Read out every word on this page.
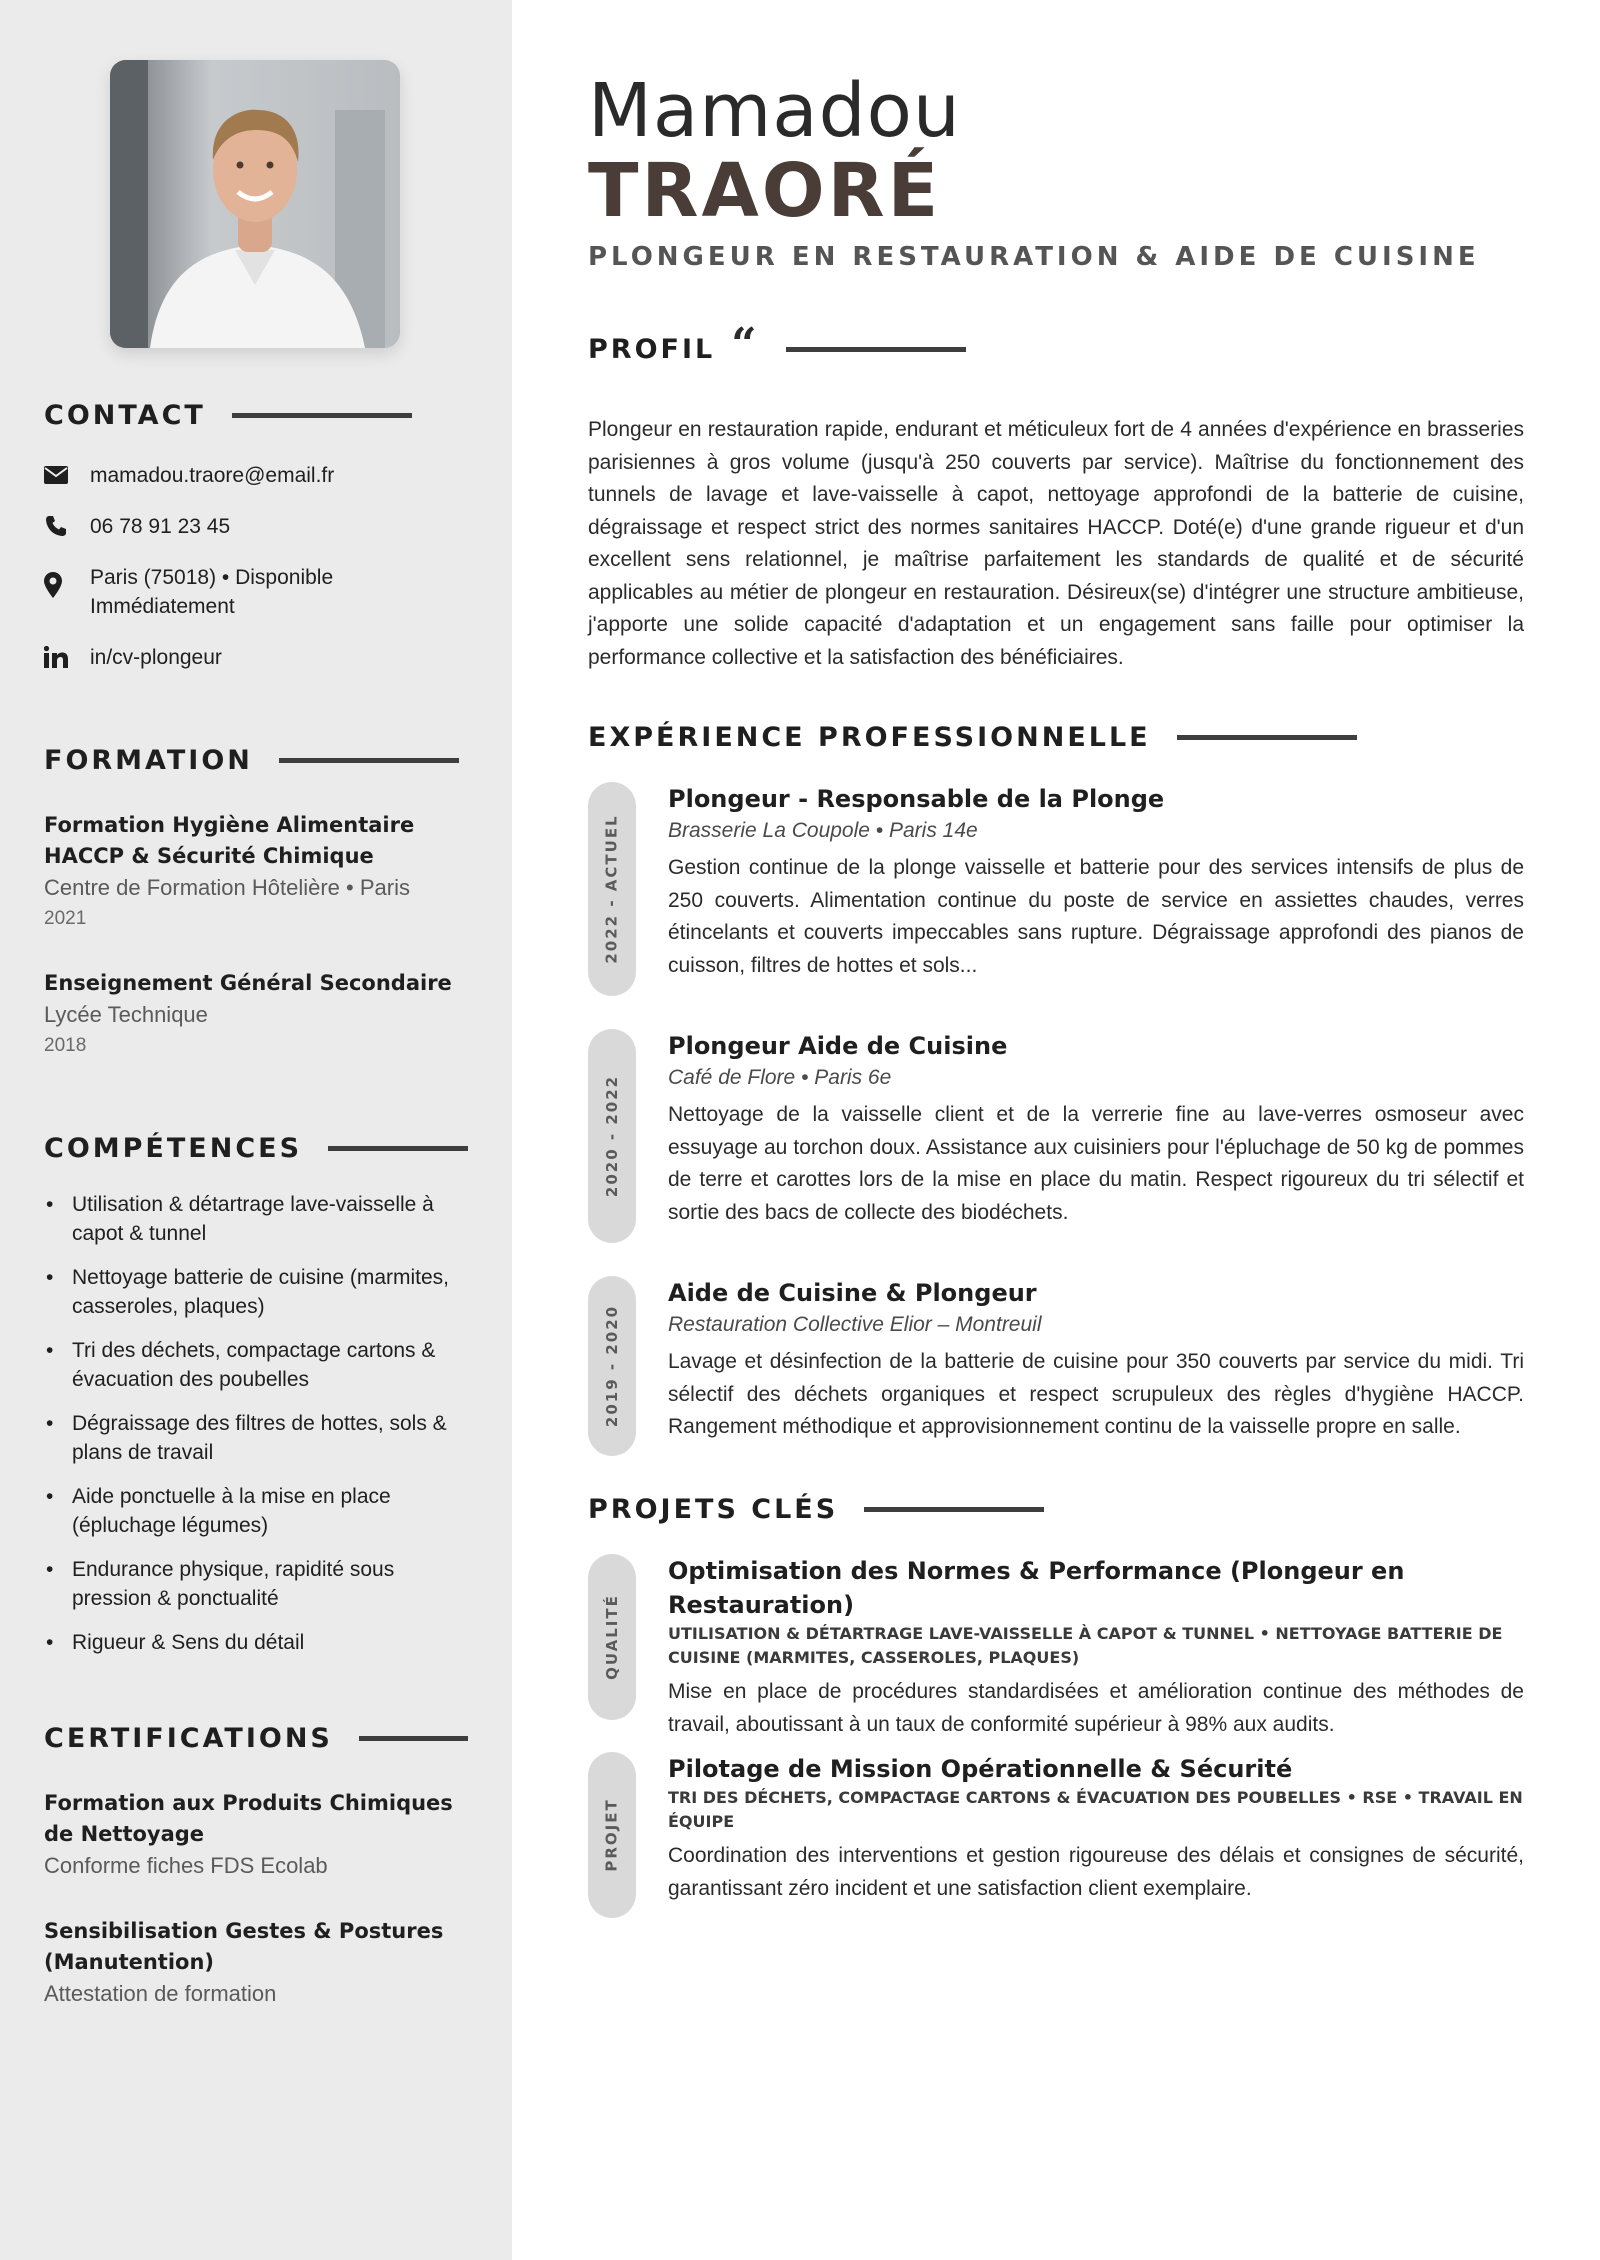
CONTACT
mamadou.traore@email.fr
06 78 91 23 45
Paris (75018) • Disponible Immédiatement
in/cv-plongeur
FORMATION
Formation Hygiène Alimentaire HACCP & Sécurité Chimique
Centre de Formation Hôtelière • Paris
2021
Enseignement Général Secondaire
Lycée Technique
2018
COMPÉTENCES
• Utilisation & détartrage lave-vaisselle à capot & tunnel
• Nettoyage batterie de cuisine (marmites, casseroles, plaques)
• Tri des déchets, compactage cartons & évacuation des poubelles
• Dégraissage des filtres de hottes, sols & plans de travail
• Aide ponctuelle à la mise en place (épluchage légumes)
• Endurance physique, rapidité sous pression & ponctualité
• Rigueur & Sens du détail
CERTIFICATIONS
Formation aux Produits Chimiques de Nettoyage
Conforme fiches FDS Ecolab
Sensibilisation Gestes & Postures (Manutention)
Attestation de formation
Mamadou
TRAORÉ
PLONGEUR EN RESTAURATION & AIDE DE CUISINE
PROFIL “

Plongeur en restauration rapide, endurant et méticuleux fort de 4 années d'expérience en brasseries parisiennes à gros volume (jusqu'à 250 couverts par service). Maîtrise du fonctionnement des tunnels de lavage et lave-vaisselle à capot, nettoyage approfondi de la batterie de cuisine, dégraissage et respect strict des normes sanitaires HACCP. Doté(e) d'une grande rigueur et d'un excellent sens relationnel, je maîtrise parfaitement les standards de qualité et de sécurité applicables au métier de plongeur en restauration. Désireux(se) d'intégrer une structure ambitieuse, j'apporte une solide capacité d'adaptation et un engagement sans faille pour optimiser la performance collective et la satisfaction des bénéficiaires.

EXPÉRIENCE PROFESSIONNELLE
2022 - ACTUEL
Plongeur - Responsable de la Plonge
Brasserie La Coupole • Paris 14e
Gestion continue de la plonge vaisselle et batterie pour des services intensifs de plus de 250 couverts. Alimentation continue du poste de service en assiettes chaudes, verres étincelants et couverts impeccables sans rupture. Dégraissage approfondi des pianos de cuisson, filtres de hottes et sols...
2020 - 2022
Plongeur Aide de Cuisine
Café de Flore • Paris 6e
Nettoyage de la vaisselle client et de la verrerie fine au lave-verres osmoseur avec essuyage au torchon doux. Assistance aux cuisiniers pour l'épluchage de 50 kg de pommes de terre et carottes lors de la mise en place du matin. Respect rigoureux du tri sélectif et sortie des bacs de collecte des biodéchets.
2019 - 2020
Aide de Cuisine & Plongeur
Restauration Collective Elior – Montreuil
Lavage et désinfection de la batterie de cuisine pour 350 couverts par service du midi. Tri sélectif des déchets organiques et respect scrupuleux des règles d'hygiène HACCP. Rangement méthodique et approvisionnement continu de la vaisselle propre en salle.
PROJETS CLÉS
QUALITÉ
Optimisation des Normes & Performance (Plongeur en Restauration)
UTILISATION & DÉTARTRAGE LAVE-VAISSELLE À CAPOT & TUNNEL • NETTOYAGE BATTERIE DE CUISINE (MARMITES, CASSEROLES, PLAQUES)
Mise en place de procédures standardisées et amélioration continue des méthodes de travail, aboutissant à un taux de conformité supérieur à 98% aux audits.
PROJET
Pilotage de Mission Opérationnelle & Sécurité
TRI DES DÉCHETS, COMPACTAGE CARTONS & ÉVACUATION DES POUBELLES • RSE • TRAVAIL EN ÉQUIPE
Coordination des interventions et gestion rigoureuse des délais et consignes de sécurité, garantissant zéro incident et une satisfaction client exemplaire.
